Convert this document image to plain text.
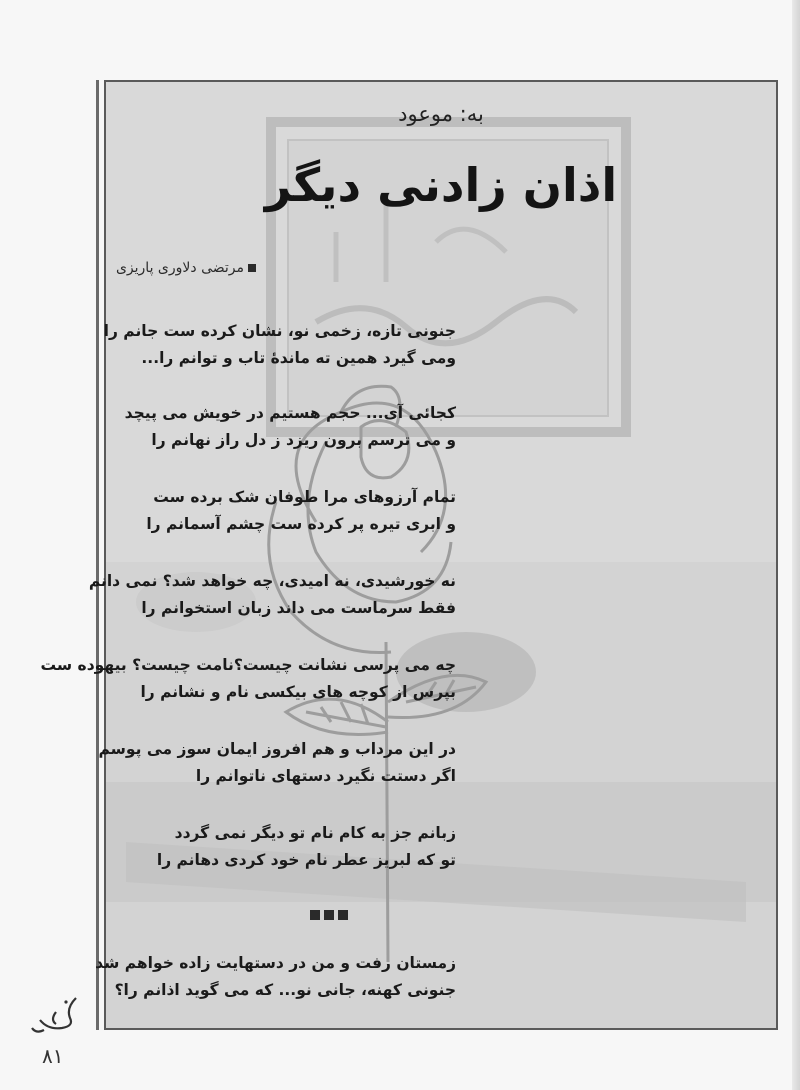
به: موعود
اذان زادنی دیگر
مرتضی دلاوری پاریزی
جنونی تازه، زخمی نو، نشان کرده ست جانم را
ومی گیرد همین ته ماندهٔ تاب و توانم را...
کجائی آی... حجم هستیم در خویش می پیچد
و می ترسم برون ریزد ز دل راز نهانم را
تمام آرزوهای مرا طوفان شک برده ست
و ابری تیره پر کرده ست چشم آسمانم را
نه خورشیدی، نه امیدی، چه خواهد شد؟ نمی دانم
فقط سرماست می داند زبان استخوانم را
چه می پرسی نشانت چیست؟نامت چیست؟ بیهوده ست
بپرس از کوچه های بیکسی نام و نشانم را
در این مرداب و هم افروز ایمان سوز می پوسم
اگر دستت نگیرد دستهای ناتوانم را
زبانم جز به کام نام تو دیگر نمی گردد
تو که لبریز عطر نام خود کردی دهانم را
زمستان رفت و من در دستهایت زاده خواهم شد
جنونی کهنه، جانی نو... که می گوید اذانم را؟
۸۱
